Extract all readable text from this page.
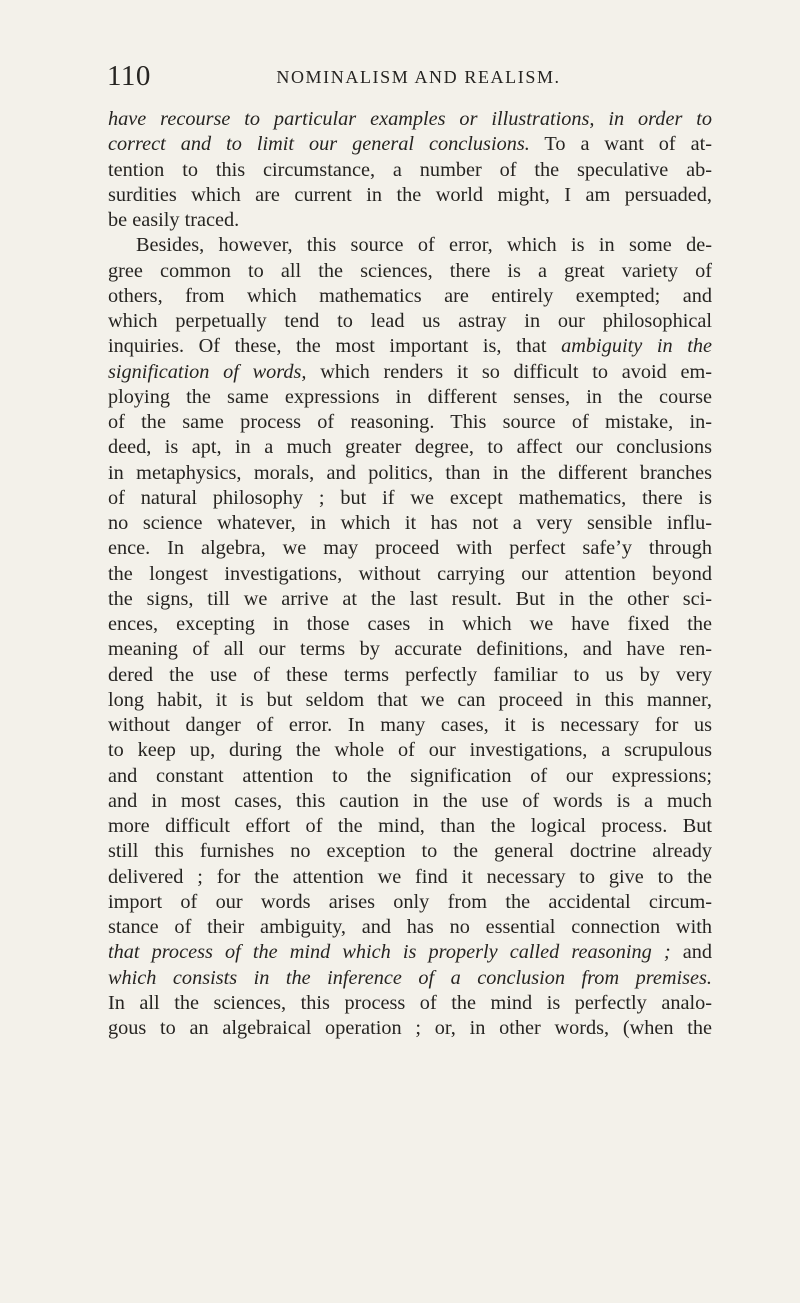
110	NOMINALISM AND REALISM.
have recourse to particular examples or illustrations, in order to
correct and to limit our general conclusions. To a want of at-
tention to this circumstance, a number of the speculative ab-
surdities which are current in the world might, I am persuaded,
be easily traced.
Besides, however, this source of error, which is in some de-
gree common to all the sciences, there is a great variety of
others, from which mathematics are entirely exempted; and
which perpetually tend to lead us astray in our philosophical
inquiries. Of these, the most important is, that ambiguity in the
signification of words, which renders it so difficult to avoid em-
ploying the same expressions in different senses, in the course
of the same process of reasoning. This source of mistake, in-
deed, is apt, in a much greater degree, to affect our conclusions
in metaphysics, morals, and politics, than in the different branches
of natural philosophy ; but if we except mathematics, there is
no science whatever, in which it has not a very sensible influ-
ence. In algebra, we may proceed with perfect safeʼy through
the longest investigations, without carrying our attention beyond
the signs, till we arrive at the last result. But in the other sci-
ences, excepting in those cases in which we have fixed the
meaning of all our terms by accurate definitions, and have ren-
dered the use of these terms perfectly familiar to us by very
long habit, it is but seldom that we can proceed in this manner,
without danger of error. In many cases, it is necessary for us
to keep up, during the whole of our investigations, a scrupulous
and constant attention to the signification of our expressions;
and in most cases, this caution in the use of words is a much
more difficult effort of the mind, than the logical process. But
still this furnishes no exception to the general doctrine already
delivered ; for the attention we find it necessary to give to the
import of our words arises only from the accidental circum-
stance of their ambiguity, and has no essential connection with
that process of the mind which is properly called reasoning ; and
which consists in the inference of a conclusion from premises.
In all the sciences, this process of the mind is perfectly analo-
gous to an algebraical operation ; or, in other words, (when the
